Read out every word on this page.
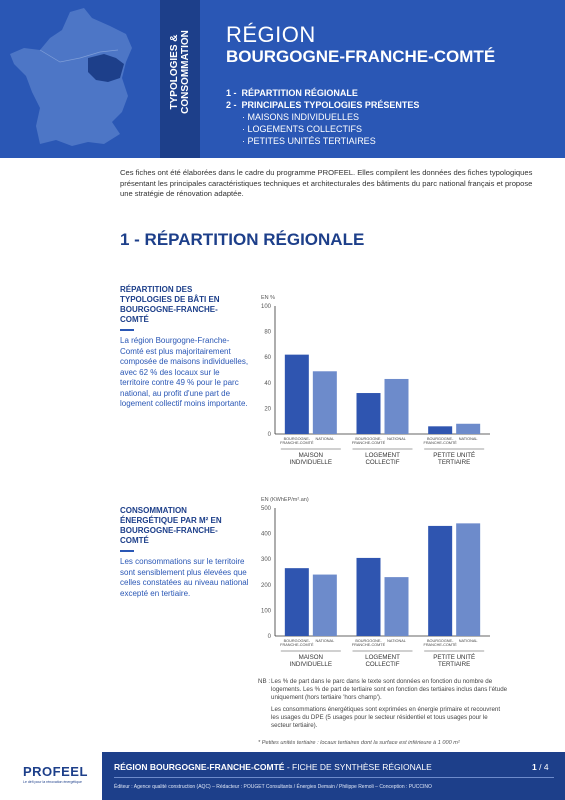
TYPOLOGIES & CONSOMMATION RÉGION
BOURGOGNE-FRANCHE-COMTÉ
1 -  RÉPARTITION RÉGIONALE
2 -  PRINCIPALES TYPOLOGIES PRÉSENTES
· MAISONS INDIVIDUELLES
· LOGEMENTS COLLECTIFS
· PETITES UNITÉS TERTIAIRES
Ces fiches ont été élaborées dans le cadre du programme PROFEEL. Elles compilent les données des fiches typologiques présentant les principales caractéristiques techniques et architecturales des bâtiments du parc national français et propose une stratégie de rénovation adaptée.
1 - RÉPARTITION RÉGIONALE
RÉPARTITION DES TYPOLOGIES DE BÂTI EN BOURGOGNE-FRANCHE-COMTÉ
La région Bourgogne-Franche-Comté est plus majoritairement composée de maisons individuelles, avec 62 % des locaux sur le territoire contre 49 % pour le parc national, au profit d'une part de logement collectif moins importante.
EN %
0
20
40
60
80
100
BOURGOGNE-
FRANCHE-COMTÉ
NATIONAL
MAISON
INDIVIDUELLE
BOURGOGNE-
FRANCHE-COMTÉ
NATIONAL
LOGEMENT
COLLECTIF
BOURGOGNE-
FRANCHE-COMTÉ
NATIONAL
PETITE UNITÉ
TERTIAIRE
CONSOMMATION ÉNERGÉTIQUE PAR M² EN BOURGOGNE-FRANCHE-COMTÉ
Les consommations sur le territoire sont sensiblement plus élevées que celles constatées au niveau national excepté en tertiaire.
EN (KWhEP/m².an)
0
100
200
300
400
500
BOURGOGNE-
FRANCHE-COMTÉ
NATIONAL
MAISON
INDIVIDUELLE
BOURGOGNE-
FRANCHE-COMTÉ
NATIONAL
LOGEMENT
COLLECTIF
BOURGOGNE-
FRANCHE-COMTÉ
NATIONAL
PETITE UNITÉ
TERTIAIRE
NB : Les % de part dans le parc dans le texte sont données en fonction du nombre de logements. Les % de part de tertiaire sont en fonction des tertiaires inclus dans l'étude uniquement (hors tertiaire 'hors champ').

Les consommations énergétiques sont exprimées en énergie primaire et recouvrent les usages du DPE (5 usages pour le secteur résidentiel et tous usages pour le secteur tertiaire).

* Petites unités tertiaire : locaux tertiaires dont la surface est inférieure à 1 000 m²
PROFEEL
Le défi pour la rénovation énergétique
RÉGION BOURGOGNE-FRANCHE-COMTÉ - FICHE DE SYNTHÈSE RÉGIONALE	1 / 4
Éditeur : Agence qualité construction (AQC) – Rédacteur : POUGET Consultants / Énergies Demain / Philippe Remoli – Conception : PUCCINO
